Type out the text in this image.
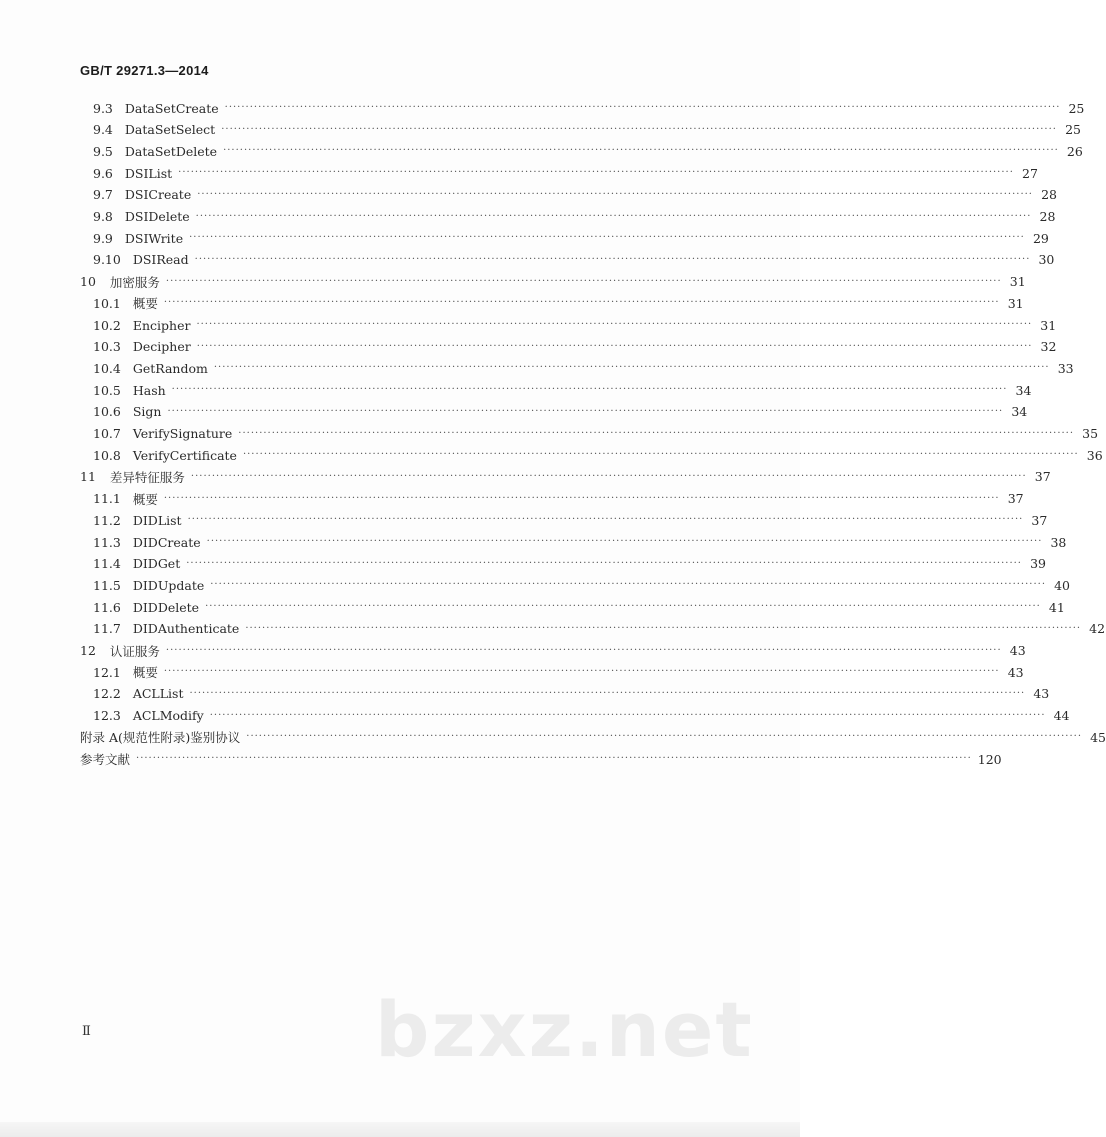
GB/T 29271.3—2014
9.3 DataSetCreate ········································································································································································································ 25
9.4 DataSetSelect ········································································································································································································ 25
9.5 DataSetDelete ········································································································································································································ 26
9.6 DSIList ········································································································································································································ 27
9.7 DSICreate ········································································································································································································ 28
9.8 DSIDelete ········································································································································································································ 28
9.9 DSIWrite ········································································································································································································ 29
9.10 DSIRead ········································································································································································································ 30
10 加密服务 ········································································································································································································ 31
10.1 概要 ········································································································································································································ 31
10.2 Encipher ········································································································································································································ 31
10.3 Decipher ········································································································································································································ 32
10.4 GetRandom ········································································································································································································ 33
10.5 Hash ········································································································································································································ 34
10.6 Sign ········································································································································································································ 34
10.7 VerifySignature ········································································································································································································ 35
10.8 VerifyCertificate ········································································································································································································ 36
11 差异特征服务 ········································································································································································································ 37
11.1 概要 ········································································································································································································ 37
11.2 DIDList ········································································································································································································ 37
11.3 DIDCreate ········································································································································································································ 38
11.4 DIDGet ········································································································································································································ 39
11.5 DIDUpdate ········································································································································································································ 40
11.6 DIDDelete ········································································································································································································ 41
11.7 DIDAuthenticate ········································································································································································································ 42
12 认证服务 ········································································································································································································ 43
12.1 概要 ········································································································································································································ 43
12.2 ACLList ········································································································································································································ 43
12.3 ACLModify ········································································································································································································ 44
附录 A(规范性附录)鉴别协议 ········································································································································································································ 45
参考文献 ········································································································································································································ 120
bzxz.net
Ⅱ
